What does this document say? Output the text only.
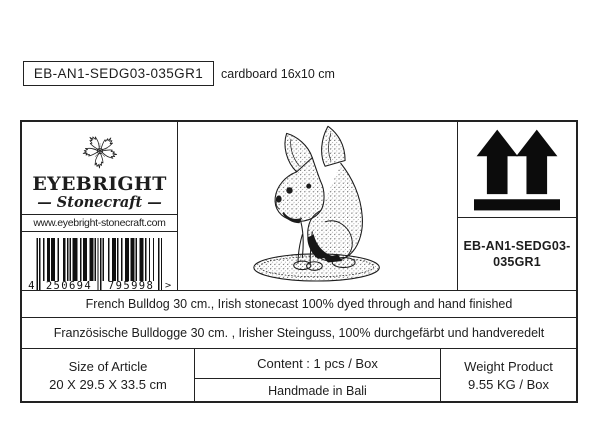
EB-AN1-SEDG03-035GR1 cardboard 16x10 cm
EYEBRIGHT
— Stonecraft —
www.eyebright-stonecraft.com
4 250694 795998 >
EB-AN1-SEDG03-
035GR1
French Bulldog 30 cm., Irish stonecast 100% dyed through and hand finished
Französische Bulldogge 30 cm. , Irisher Steinguss, 100% durchgefärbt und handveredelt
Size of Article
20 X 29.5 X 33.5 cm
Content : 1 pcs / Box
Handmade in Bali
Weight Product
9.55 KG / Box
